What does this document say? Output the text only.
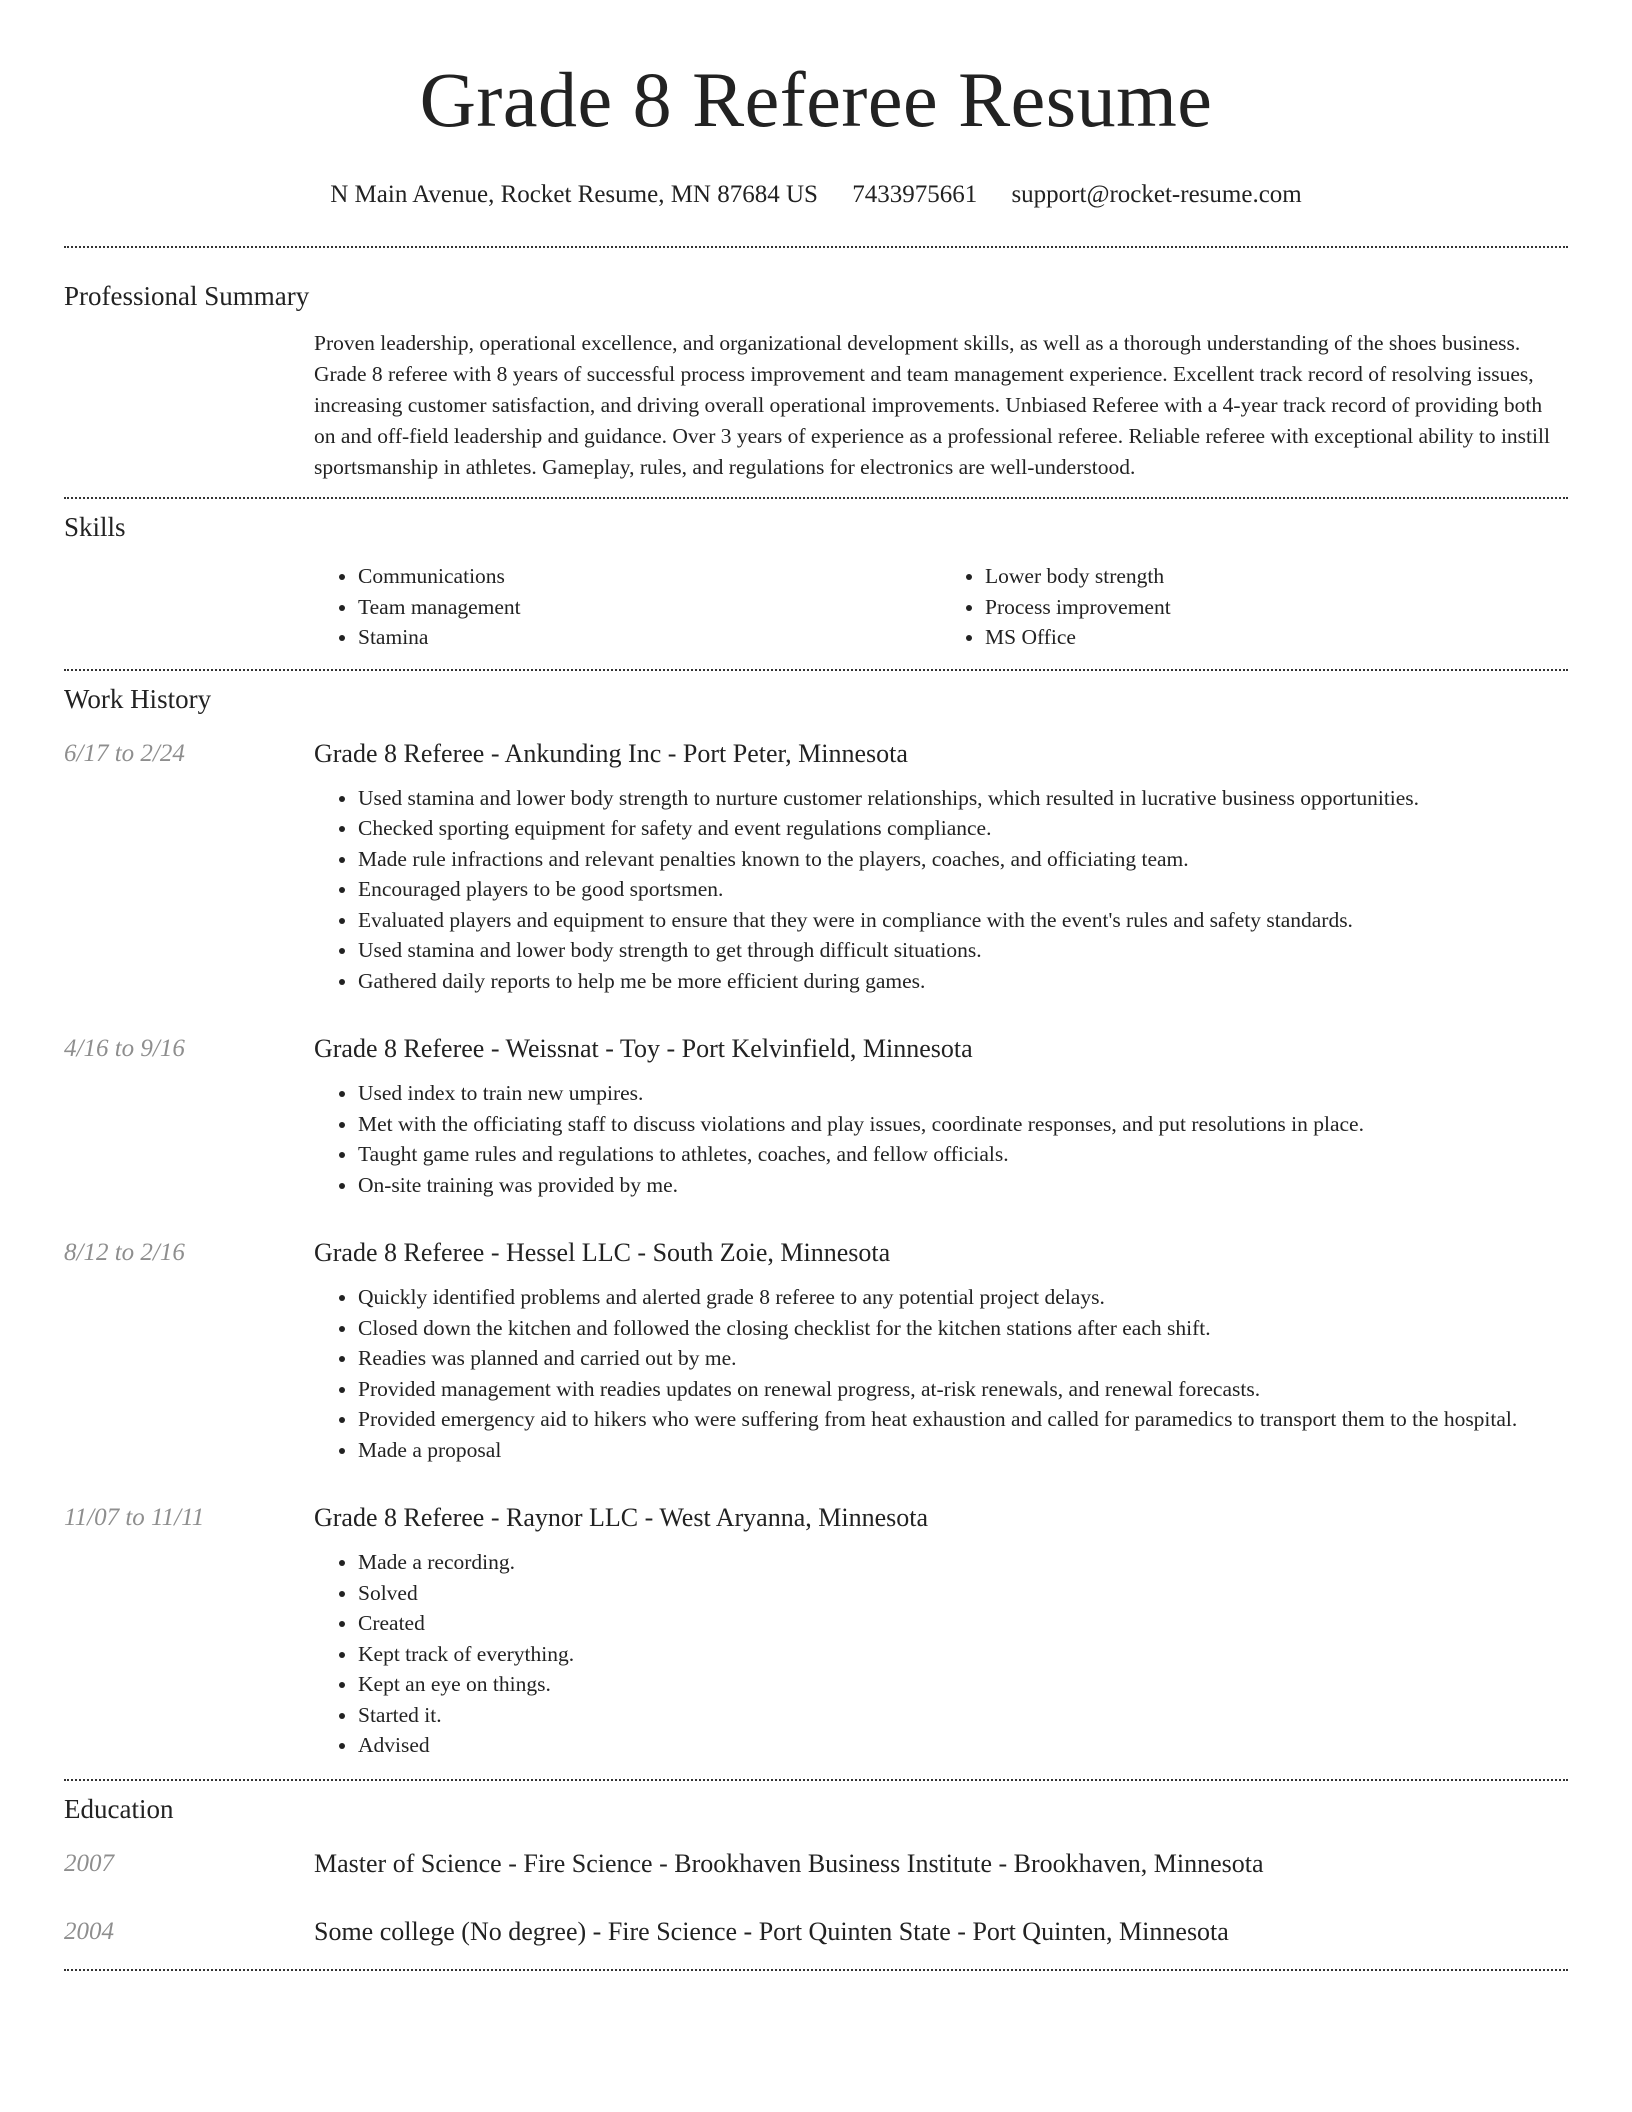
Grade 8 Referee Resume
N Main Avenue, Rocket Resume, MN 87684 US 7433975661 support@rocket-resume.com
Professional Summary

Proven leadership, operational excellence, and organizational development skills, as well as a thorough understanding of the shoes business. Grade 8 referee with 8 years of successful process improvement and team management experience. Excellent track record of resolving issues, increasing customer satisfaction, and driving overall operational improvements. Unbiased Referee with a 4-year track record of providing both on and off-field leadership and guidance. Over 3 years of experience as a professional referee. Reliable referee with exceptional ability to instill sportsmanship in athletes. Gameplay, rules, and regulations for electronics are well-understood.

Skills
• Communications
• Team management
• Stamina
• Lower body strength
• Process improvement
• MS Office
Work History
6/17 to 2/24	Grade 8 Referee - Ankunding Inc - Port Peter, Minnesota
• Used stamina and lower body strength to nurture customer relationships, which resulted in lucrative business opportunities.
• Checked sporting equipment for safety and event regulations compliance.
• Made rule infractions and relevant penalties known to the players, coaches, and officiating team.
• Encouraged players to be good sportsmen.
• Evaluated players and equipment to ensure that they were in compliance with the event's rules and safety standards.
• Used stamina and lower body strength to get through difficult situations.
• Gathered daily reports to help me be more efficient during games.
4/16 to 9/16	Grade 8 Referee - Weissnat - Toy - Port Kelvinfield, Minnesota
• Used index to train new umpires.
• Met with the officiating staff to discuss violations and play issues, coordinate responses, and put resolutions in place.
• Taught game rules and regulations to athletes, coaches, and fellow officials.
• On-site training was provided by me.
8/12 to 2/16	Grade 8 Referee - Hessel LLC - South Zoie, Minnesota
• Quickly identified problems and alerted grade 8 referee to any potential project delays.
• Closed down the kitchen and followed the closing checklist for the kitchen stations after each shift.
• Readies was planned and carried out by me.
• Provided management with readies updates on renewal progress, at-risk renewals, and renewal forecasts.
• Provided emergency aid to hikers who were suffering from heat exhaustion and called for paramedics to transport them to the hospital.
• Made a proposal
11/07 to 11/11	Grade 8 Referee - Raynor LLC - West Aryanna, Minnesota
• Made a recording.
• Solved
• Created
• Kept track of everything.
• Kept an eye on things.
• Started it.
• Advised
Education
2007	Master of Science - Fire Science - Brookhaven Business Institute - Brookhaven, Minnesota
2004	Some college (No degree) - Fire Science - Port Quinten State - Port Quinten, Minnesota
